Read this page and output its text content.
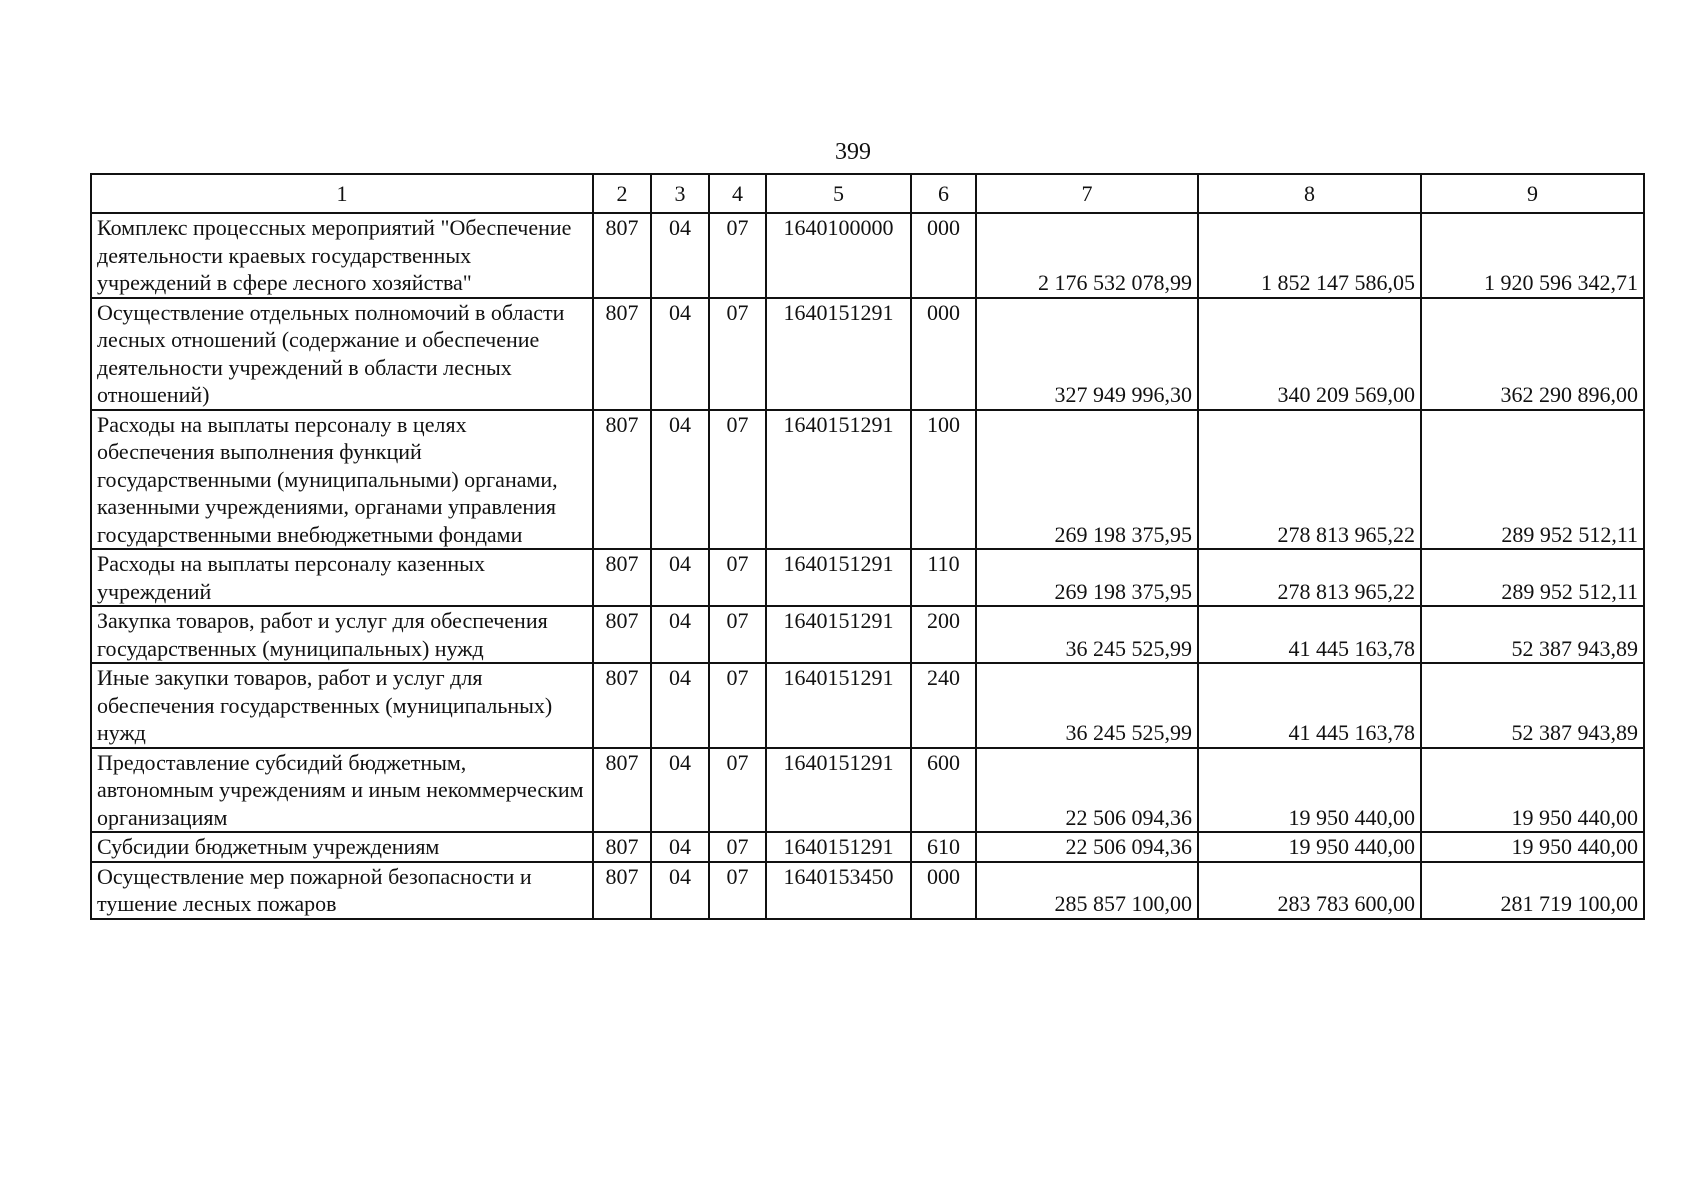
399
1	2	3	4	5	6	7	8	9
Комплекс процессных мероприятий "Обеспечение деятельности краевых государственных учреждений в сфере лесного хозяйства"	807	04	07	1640100000	000	2 176 532 078,99	1 852 147 586,05	1 920 596 342,71
Осуществление отдельных полномочий в области лесных отношений (содержание и обеспечение деятельности учреждений в области лесных отношений)	807	04	07	1640151291	000	327 949 996,30	340 209 569,00	362 290 896,00
Расходы на выплаты персоналу в целях обеспечения выполнения функций государственными (муниципальными) органами, казенными учреждениями, органами управления государственными внебюджетными фондами	807	04	07	1640151291	100	269 198 375,95	278 813 965,22	289 952 512,11
Расходы на выплаты персоналу казенных учреждений	807	04	07	1640151291	110	269 198 375,95	278 813 965,22	289 952 512,11
Закупка товаров, работ и услуг для обеспечения государственных (муниципальных) нужд	807	04	07	1640151291	200	36 245 525,99	41 445 163,78	52 387 943,89
Иные закупки товаров, работ и услуг для обеспечения государственных (муниципальных) нужд	807	04	07	1640151291	240	36 245 525,99	41 445 163,78	52 387 943,89
Предоставление субсидий бюджетным, автономным учреждениям и иным некоммерческим организациям	807	04	07	1640151291	600	22 506 094,36	19 950 440,00	19 950 440,00
Субсидии бюджетным учреждениям	807	04	07	1640151291	610	22 506 094,36	19 950 440,00	19 950 440,00
Осуществление мер пожарной безопасности и тушение лесных пожаров	807	04	07	1640153450	000	285 857 100,00	283 783 600,00	281 719 100,00
